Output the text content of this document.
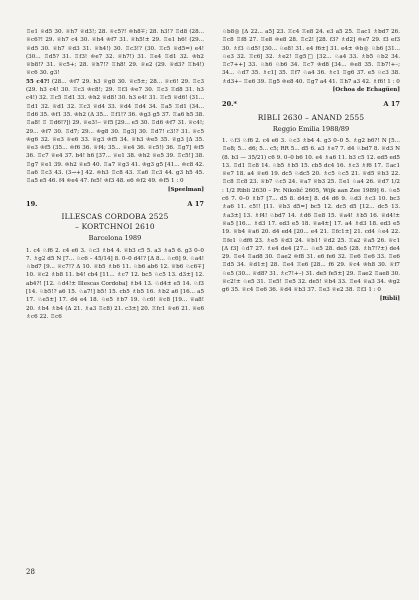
♖e1 ♕d5 30. ♕h7 ♕d3!; 28. ♕c5?! ♔h8∓; 28. h3!? ♖d8 (28... ♕c6?! 29. ♕h7 c4 30. ♕h4 ♔f7 31. ♕h5!± 29. ♖e1 h6! (29... ♕d5 30. ♕h7 ♕d3 31. ♕h4!) 30. ♖c3!? (30. ♖c5 ♕d5=) e4! (30... ♖d5? 31. ♖f3! ♔e7 32. ♕h7!) 31. ♖e4 ♖d1 32. ♔h2 ♕b8!? 31. ♕c5+; 28. ♕h7!? ♖h8! 29. ♕e2 (29. ♕d3? ♖h4!) ♕c6 30. g3!

55 c4?! (28... ♔f7 29. h3 ♕g8 30. ♕c5±; 28... ♕c6! 29. ♖c3 (29. h3 c4! 30. ♖c3 ♔c8!; 29. ♖f3 ♔e7 30. ♖c3 ♖d8 31. h3 c4!) 32. ♖c5 ♖d1 33. ♔h2 ♕d8! 30. h3 e4! 31. ♖c5 ♕d6! (31... ♖d1 32. ♕d1 32. ♖c3 ♕d4 33. ♕d4 ♖d4 34. ♖a5 ♖d1 (34... ♖d6 35. ♔f1 35. ♔h2 (Δ 35... ♖f1!? 36. ♔g3 g5 37. ♖a6 h5 38. ♖a8! ♖ ♖d6!?]) 29. ♕e3!-- ♕f5 [29... e5 30. ♖d6 ♔f7 31. ♕c4!; 29... ♔f7 30. ♖d7; 29... ♔g8 30. ♖g3] 30. ♖d7! c3!? 31. ♕c5 ♔g6 32. ♕e3 ♕e6 33. ♕g3 ♔f5 34. ♕h3 ♔e5 35. ♕g3 [Δ 35. ♕e3 ♔f5 (35... ♔f6 36. ♕f4; 35... ♕e4 36. ♕c5!) 36. ♖g7] ♔f5 36. ♖c7 ♕e4 37. b4! h6 [37... ♕e1 38. ♔h2 ♕e5 39. ♖c5!] 38. ♖g7 ♕e1 39. ♔h2 ♕e5 40. ♖a7 ♕g3 41. ♔g3 g5 [41... ♔c8 42. ♖a6 ♖c3 43. (3→+] 42. ♔h3 ♖c8 43. ♖a6 ♖c3 44. g3 h5 45. ♖a5 e5 46. f4 ♔e4 47. fe5! ♔f3 48. e6 ♔f2 49. ♔f5 1 : 0

[Speelman]

19.	A 17
ILLESCAS CORDOBA 2525
– KORTCHNOI 2610
Barcelona 1989

1. c4 ♘f6 2. c4 e6 3. ♘c3 ♗b4 4. ♕b3 c5 5. a3 ♗a5 6. g3 0–0 7. ♗g2 d5 N [7... ♘c6 – 45/14] 8. 0–0 d4!? [Δ 8... ♘c6] 9. ♘a4! ♘bd7 [9... ♕c7!? Δ 10. ♕b5 ♗b6 11. ♘b6 ab6 12. ♕b6 ♘c6∓] 10. ♕c2 ♗b8 11. b4! cb4 [11... ♗c7 12. bc5 ♘c5 13. d3±] 12. ab4?! [12. ♘d4!± Illescas Cordoba] ♗b4 13. ♘d4± e5 14. ♘f3 [14. ♘b5!? a6 15. ♘a7!] b5! 15. cb5 ♗b5 16. ♗b2 a6 [16... a5 17. ♘e5±] 17. d4 e4 18. ♘e5 ♗b7 19. ♘c6! ♕c8 [19... ♕a8! 20. ♗b4 ♗b4 (Δ 21. ♗a3 ♖c8) 21. c3±] 20. ♖fc1 ♕e6 21. ♕e6 ♗c6 22. ♖c6

♘b8◎ [Δ 22... a5] 23. ♖c4 ♖e8 24. e3 a5 25. ♖ac1 ♗bd7 26. ♖c8 ♖f8 27. ♖e8 ♔e8 28. ♖c2! [28. f3? ♗d2] ♔e7 29. f3 ef3 30. ♗f3 ♘d5! [30... ♘e8! 31. e4 f6±] 31. e4± ♔b◎ ♘b6 [31... ♘e3 32. ♖c6] 32. ♗e2! ♖g5□ [32... ♘a4 33. ♗b5 ♘b2 34. ♖c7++] 33. ♘h6 ♘b6 34. ♖c7 ♔d8 [34... ♔e8 35. ♖b7!+–; 34... ♘d7 35. ♗c1] 35. ♖f7 ♘a4 36. ♗c1 ♖g6 37. e5 ♘c3 38. ♗d3+– ♖e6 39. ♖g5 ♔e8 40. ♖g7 a4 41. ♖h7 a3 42. ♗f6! 1 : 0

[Ochoa de Echagüen]

20.*	A 17
RIBLI 2630 – ANAND 2555
Reggio Emilia 1988/89

1. ♘f3 ♘f6 2. c4 e6 3. ♘c3 ♗b4 4. g3 0–0 5. ♗g2 b6?! N [5... ♖e8; 5... d6; 5... c5; RR 5... d5 6. a3 ♗e7 7. d4 ♘bd7 8. ♕d3 N (8. b3 — 35/21) c6 9. 0–0 b6 10. e4 ♗a6 11. b3 c5 12. ed5 ed5 13. ♖d1 ♖c8 14. ♘b5 ♗b5 15. cb5 dc4 16. ♗c3 ♗f6 17. ♖ac1 ♕e7 18. a4 ♕e6 19. dc5 ♘dc5 20. ♗c5 ♘c5 21. ♕d5 ♕b3 22. ♖c8 ♖c8 23. ♕b7 ♘c5 24. ♕a7 ♕b3 25. ♖e1 ♘a4 26. ♕d7 1/2 : 1/2 Ribli 2630 – Pr. Nikolić 2605, Wijk aan Zee 1989] 6. ♘e5 c6 7. 0–0 ♗b7 [7... d5 8. d4±] 8. d4 d6 9. ♘d3 ♗c3 10. bc3 ♗a6 11. c5!! [11. ♕b3 d5=] bc5 12. dc5 d5 [12... dc5 13. ♗a3±] 13. ♗f4! ♘bd7 14. ♗d6 ♖e8 15. ♕a4! ♗b5 16. ♕d4!± ♕a5 [16... ♗d3 17. ed3 e5 18. ♕a4±] 17. a4 ♗d3 18. ed3 e5 19. ♕b4 ♕a6 20. d4 ed4 [20... e4 21. ♖fc1±] 21. cd4 ♘e4 22. ♖fe1 ♘df6 23. ♗e5 ♕d3 24. ♕b1! ♕d2 25. ♖a2 ♕a5 26. ♕c1 [Δ f3] ♘d7 27. ♗e4 de4 [27... ♘e5 28. de5 (28. ♗h7!?±) de4 29. ♖e4 ♖ad8 30. ♖ae2 ♔f8 31. e6 fe6 32. ♖e6 ♖e6 33. ♖e6 ♖d5 34. ♕d1±] 28. ♖e4 ♖e6 [28... f6 29. ♕c4 ♔h8 30. ♕f7 ♘e5 (30... ♕d8? 31. ♗c7!+–) 31. de5 fe5±] 29. ♖ae2 ♖ae8 30. ♕c2!± ♘e5 31. ♖e5! ♖e5 32. de5! ♕b4 33. ♖e4 ♕a3 34. ♔g2 g6 35. ♕c4 ♖e6 36. ♕d4 ♕b3 37. ♖e3 ♕e2 38. ♖f3 1 : 0

[Ribli]

28
